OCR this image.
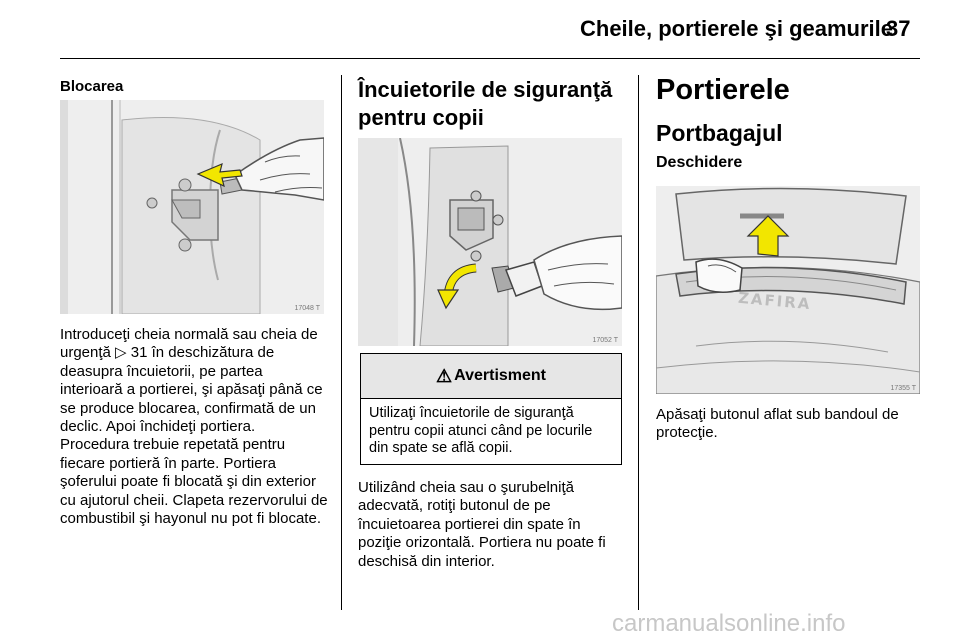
Cheile, portierele şi geamurile
37
Blocarea
17048 T

Introduceţi cheia normală sau cheia de urgenţă ▷ 31 în deschizătura de deasupra încuietorii, pe partea interioară a portierei, şi apăsaţi până ce se produce blocarea, confirmată de un declic. Apoi închideţi portiera. Procedura trebuie repetată pentru fiecare portieră în parte. Portiera şoferului poate fi blocată şi din exterior cu ajutorul cheii. Clapeta rezervorului de combustibil şi hayonul nu pot fi blocate.

Încuietorile de siguranţă pentru copii
17052 T
⚠ Avertisment
Utilizaţi încuietorile de siguranţă pentru copii atunci când pe locurile din spate se află copii.

Utilizând cheia sau o şurubelniţă adecvată, rotiţi butonul de pe încuietoarea portierei din spate în poziţie orizontală. Portiera nu poate fi deschisă din interior.

Portierele
Portbagajul
Deschidere
ZAFIRA
17355 T

Apăsaţi butonul aflat sub bandoul de protecţie.

carmanualsonline.info
